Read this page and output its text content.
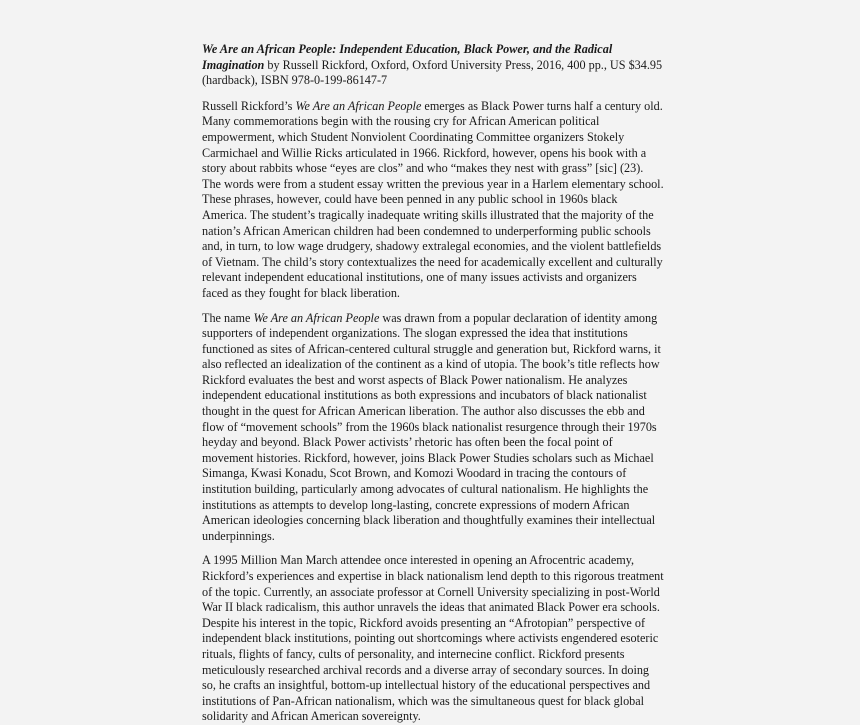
We Are an African People: Independent Education, Black Power, and the Radical Imagination by Russell Rickford, Oxford, Oxford University Press, 2016, 400 pp., US $34.95 (hardback), ISBN 978-0-199-86147-7

Russell Rickford’s We Are an African People emerges as Black Power turns half a century old. Many commemorations begin with the rousing cry for African American political empowerment, which Student Nonviolent Coordinating Committee organizers Stokely Carmichael and Willie Ricks articulated in 1966. Rickford, however, opens his book with a story about rabbits whose “eyes are clos” and who “makes they nest with grass” [sic] (23). The words were from a student essay written the previous year in a Harlem elementary school. These phrases, however, could have been penned in any public school in 1960s black America. The student’s tragically inadequate writing skills illustrated that the majority of the nation’s African American children had been condemned to underperforming public schools and, in turn, to low wage drudgery, shadowy extralegal economies, and the violent battlefields of Vietnam. The child’s story contextualizes the need for academically excellent and culturally relevant independent educational institutions, one of many issues activists and organizers faced as they fought for black liberation.

The name We Are an African People was drawn from a popular declaration of identity among supporters of independent organizations. The slogan expressed the idea that institutions functioned as sites of African-centered cultural struggle and generation but, Rickford warns, it also reflected an idealization of the continent as a kind of utopia. The book’s title reflects how Rickford evaluates the best and worst aspects of Black Power nationalism. He analyzes independent educational institutions as both expressions and incubators of black nationalist thought in the quest for African American liberation. The author also discusses the ebb and flow of “movement schools” from the 1960s black nationalist resurgence through their 1970s heyday and beyond. Black Power activists’ rhetoric has often been the focal point of movement histories. Rickford, however, joins Black Power Studies scholars such as Michael Simanga, Kwasi Konadu, Scot Brown, and Komozi Woodard in tracing the contours of institution building, particularly among advocates of cultural nationalism. He highlights the institutions as attempts to develop long-lasting, concrete expressions of modern African American ideologies concerning black liberation and thoughtfully examines their intellectual underpinnings.

A 1995 Million Man March attendee once interested in opening an Afrocentric academy, Rickford’s experiences and expertise in black nationalism lend depth to this rigorous treatment of the topic. Currently, an associate professor at Cornell University specializing in post-World War II black radicalism, this author unravels the ideas that animated Black Power era schools. Despite his interest in the topic, Rickford avoids presenting an “Afrotopian” perspective of independent black institutions, pointing out shortcomings where activists engendered esoteric rituals, flights of fancy, cults of personality, and internecine conflict. Rickford presents meticulously researched archival records and a diverse array of secondary sources. In doing so, he crafts an insightful, bottom-up intellectual history of the educational perspectives and institutions of Pan-African nationalism, which was the simultaneous quest for black global solidarity and African American sovereignty.
